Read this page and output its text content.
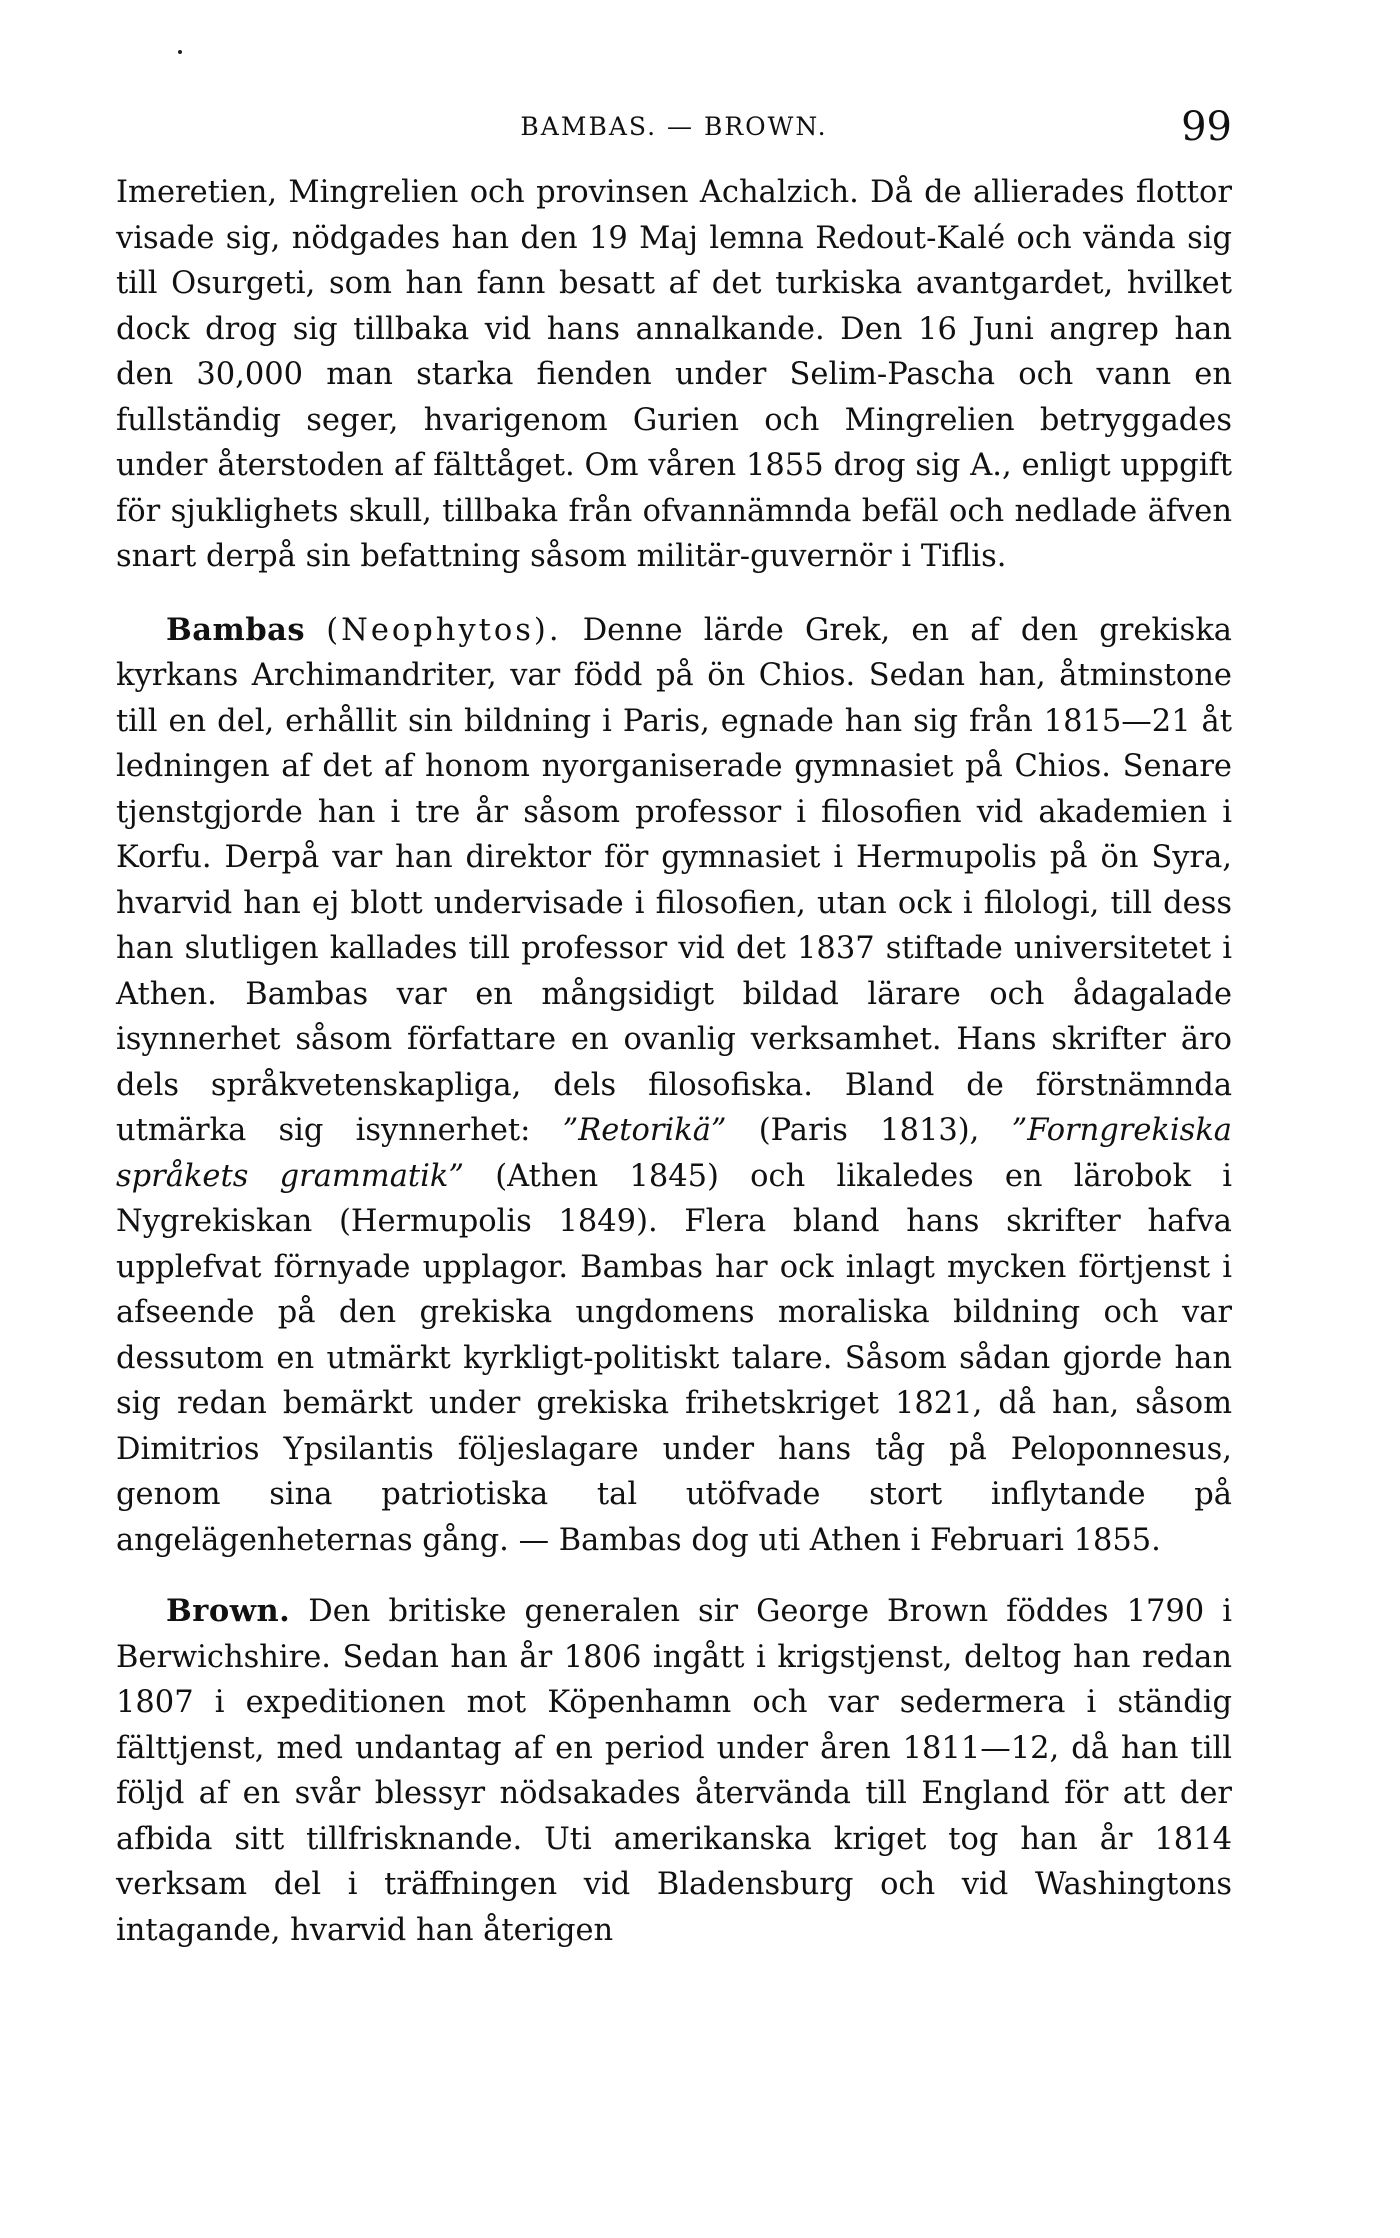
BAMBAS. — BROWN.	99

Imeretien, Mingrelien och provinsen Achalzich. Då de allierades flottor visade sig, nödgades han den 19 Maj lemna Redout-Kalé och vända sig till Osurgeti, som han fann besatt af det turkiska avantgardet, hvilket dock drog sig tillbaka vid hans annalkande. Den 16 Juni angrep han den 30,000 man starka fienden under Selim-Pascha och vann en fullständig seger, hvarigenom Gurien och Mingrelien betryggades under återstoden af fälttåget. Om våren 1855 drog sig A., enligt uppgift för sjuklighets skull, tillbaka från ofvannämnda befäl och nedlade äfven snart derpå sin befattning såsom militär-guvernör i Tiflis.

Bambas (Neophytos). Denne lärde Grek, en af den grekiska kyrkans Archimandriter, var född på ön Chios. Sedan han, åtminstone till en del, erhållit sin bildning i Paris, egnade han sig från 1815—21 åt ledningen af det af honom nyorganiserade gymnasiet på Chios. Senare tjenstgjorde han i tre år såsom professor i filosofien vid akademien i Korfu. Derpå var han direktor för gymnasiet i Hermupolis på ön Syra, hvarvid han ej blott undervisade i filosofien, utan ock i filologi, till dess han slutligen kallades till professor vid det 1837 stiftade universitetet i Athen. Bambas var en mångsidigt bildad lärare och ådagalade isynnerhet såsom författare en ovanlig verksamhet. Hans skrifter äro dels språkvetenskapliga, dels filosofiska. Bland de förstnämnda utmärka sig isynnerhet: ”Retorikä” (Paris 1813), ”Forngrekiska språkets grammatik” (Athen 1845) och likaledes en lärobok i Nygrekiskan (Hermupolis 1849). Flera bland hans skrifter hafva upplefvat förnyade upplagor. Bambas har ock inlagt mycken förtjenst i afseende på den grekiska ungdomens moraliska bildning och var dessutom en utmärkt kyrkligt-politiskt talare. Såsom sådan gjorde han sig redan bemärkt under grekiska frihetskriget 1821, då han, såsom Dimitrios Ypsilantis följeslagare under hans tåg på Peloponnesus, genom sina patriotiska tal utöfvade stort inflytande på angelägenheternas gång. — Bambas dog uti Athen i Februari 1855.

Brown. Den britiske generalen sir George Brown föddes 1790 i Berwichshire. Sedan han år 1806 ingått i krigstjenst, deltog han redan 1807 i expeditionen mot Köpenhamn och var sedermera i ständig fälttjenst, med undantag af en period under åren 1811—12, då han till följd af en svår blessyr nödsakades återvända till England för att der afbida sitt tillfrisknande. Uti amerikanska kriget tog han år 1814 verksam del i träffningen vid Bladensburg och vid Washingtons intagande, hvarvid han återigen
